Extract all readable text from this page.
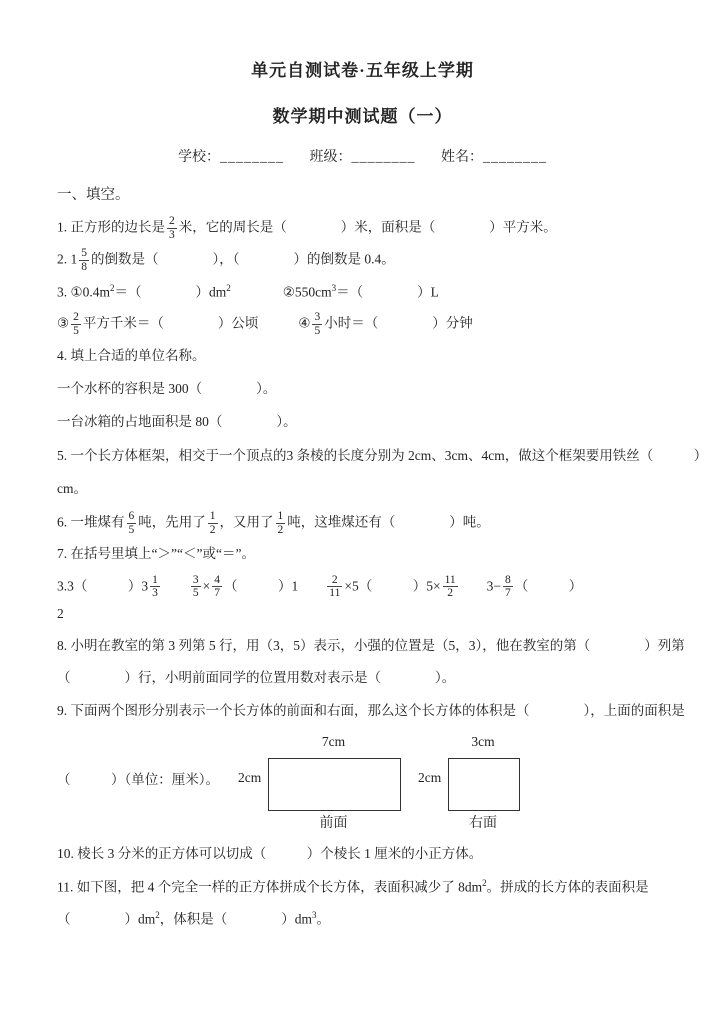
单元自测试卷·五年级上学期
数学期中测试题（一）
学校：________ 班级：________ 姓名：________
一、填空。
1. 正方形的边长是 $\frac{2}{3}$ 米，它的周长是（　　　　）米，面积是（　　　　）平方米。
2. $1 \frac{5}{8}$ 的倒数是（　　　　），（　　　　）的倒数是 0.4。
3. $①0.4m^2=$（　　　　）$dm^2$	$②550cm^3=$（　　　　）L
③ $\frac{2}{5}$ 平方千米＝（　　　　）公顷	④ $\frac{3}{5}$ 小时＝（　　　　）分钟
4. 填上合适的单位名称。
一个水杯的容积是 300（　　　　）。
一台冰箱的占地面积是 80（　　　　）。
5. 一个长方体框架，相交于一个顶点的3 条棱的长度分别为 2cm、3cm、4cm，做这个框架要用铁丝（　　　）
cm。
6. 一堆煤有 $\frac{6}{5}$ 吨，先用了 $\frac{1}{2}$ ，又用了 $\frac{1}{2}$ 吨，这堆煤还有（　　　　）吨。
7. 在括号里填上“＞”“＜”或“＝”。
3.3（　　　）$3 \frac{1}{3}$	$\frac{3}{5} \times \frac{4}{7}$ （　　　）1	$\frac{2}{11} \times 5$（　　　）$5\times \frac{11}{2} 3- \frac{8}{7}$ （　　　）
2
8. 小明在教室的第 3 列第 5 行，用（3，5）表示，小强的位置是（5，3），他在教室的第（　　　　）列第
（　　　　）行，小明前面同学的位置用数对表示是（　　　　）。
9. 下面两个图形分别表示一个长方体的前面和右面，那么这个长方体的体积是（　　　　），上面的面积是
（　　　）（单位：厘米）。
7cm
2cm
前面
3cm
2cm
右面
10. 棱长 3 分米的正方体可以切成（　　　）个棱长 1 厘米的小正方体。
11. 如下图，把 4 个完全一样的正方体拼成个长方体，表面积减少了 $8dm^2$。拼成的长方体的表面积是
（　　　　）$dm^2$，体积是（　　　　）$dm^3$。
